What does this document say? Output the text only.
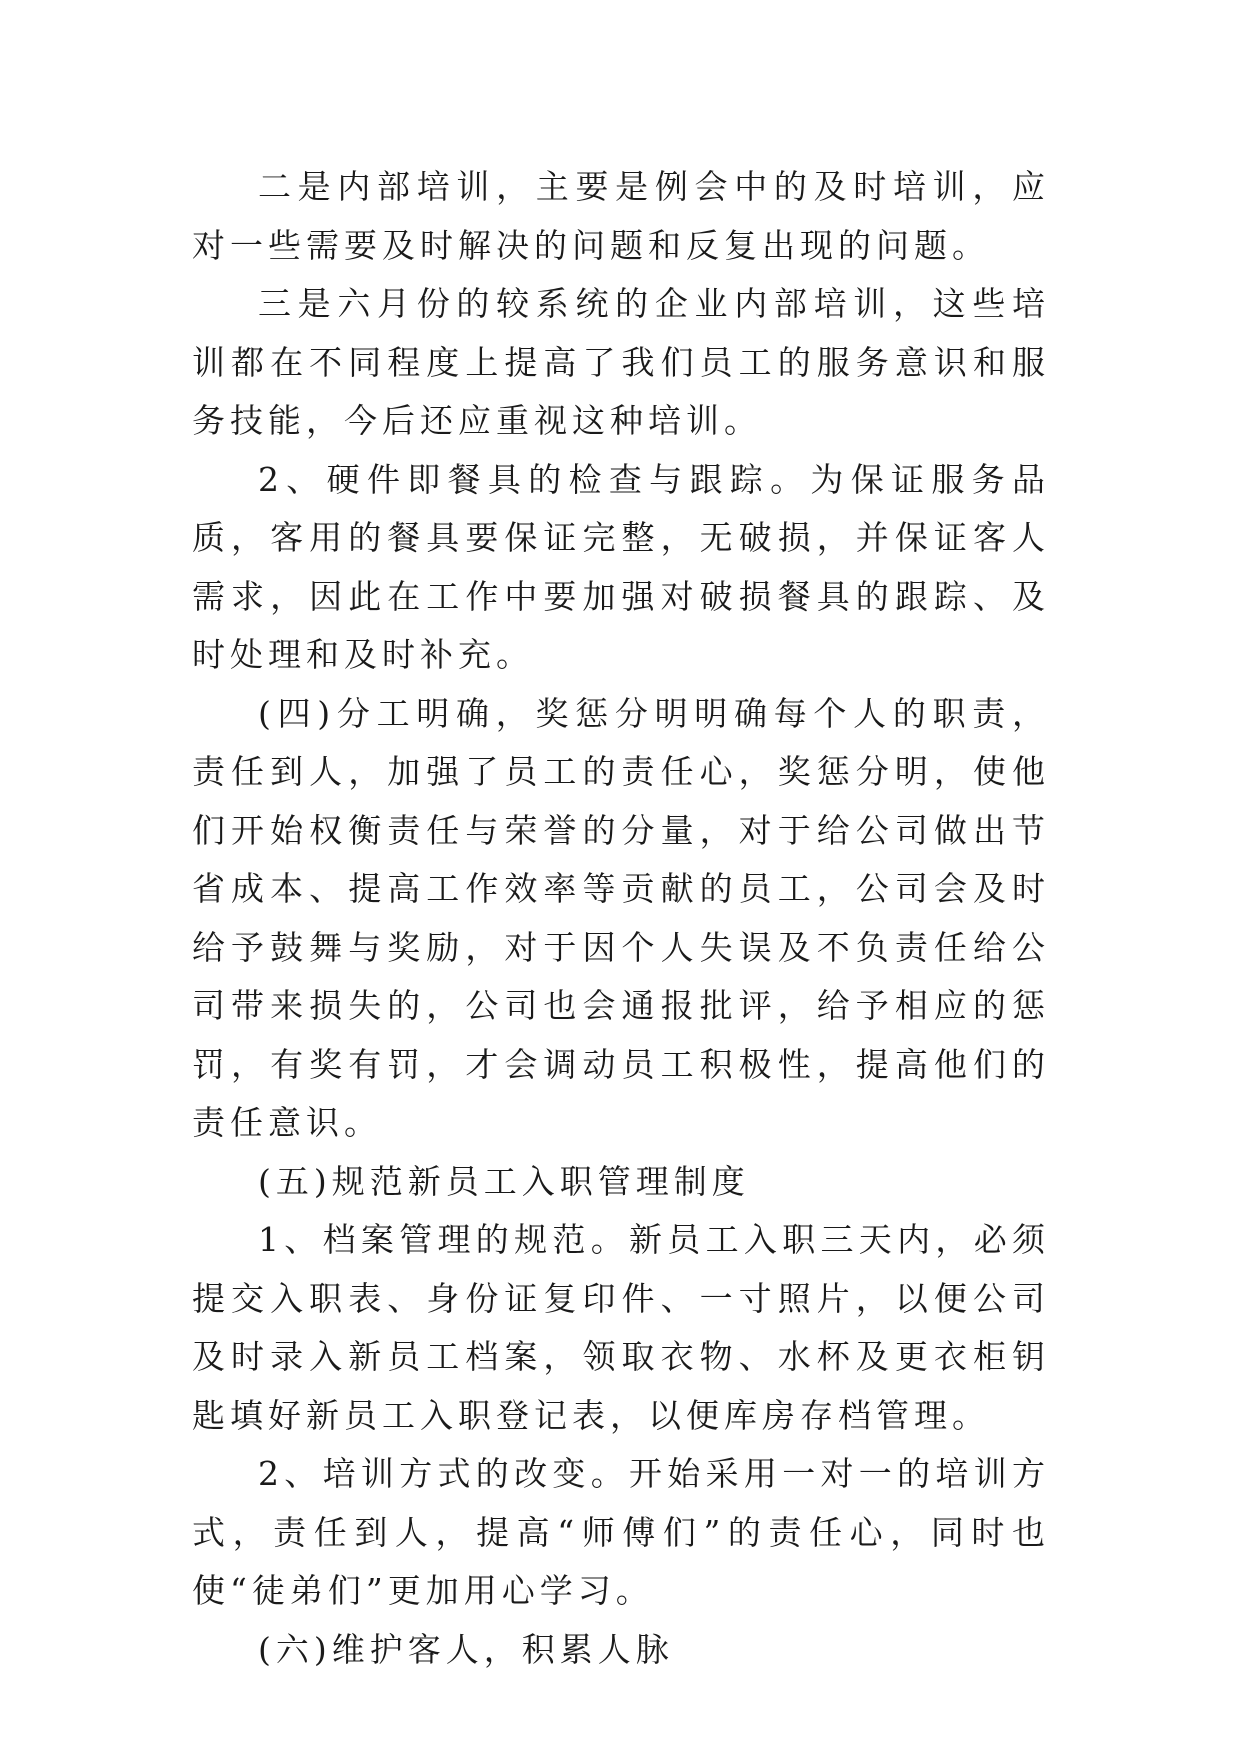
二是内部培训，主要是例会中的及时培训，应对一些需要及时解决的问题和反复出现的问题。

三是六月份的较系统的企业内部培训，这些培训都在不同程度上提高了我们员工的服务意识和服务技能，今后还应重视这种培训。

2、硬件即餐具的检查与跟踪。为保证服务品质，客用的餐具要保证完整，无破损，并保证客人需求，因此在工作中要加强对破损餐具的跟踪、及时处理和及时补充。

(四)分工明确，奖惩分明明确每个人的职责，责任到人，加强了员工的责任心，奖惩分明，使他们开始权衡责任与荣誉的分量，对于给公司做出节省成本、提高工作效率等贡献的员工，公司会及时给予鼓舞与奖励，对于因个人失误及不负责任给公司带来损失的，公司也会通报批评，给予相应的惩罚，有奖有罚，才会调动员工积极性，提高他们的责任意识。

(五)规范新员工入职管理制度

1、档案管理的规范。新员工入职三天内，必须提交入职表、身份证复印件、一寸照片，以便公司及时录入新员工档案，领取衣物、水杯及更衣柜钥匙填好新员工入职登记表，以便库房存档管理。

2、培训方式的改变。开始采用一对一的培训方式，责任到人，提高“师傅们”的责任心，同时也使“徒弟们”更加用心学习。

(六)维护客人，积累人脉
